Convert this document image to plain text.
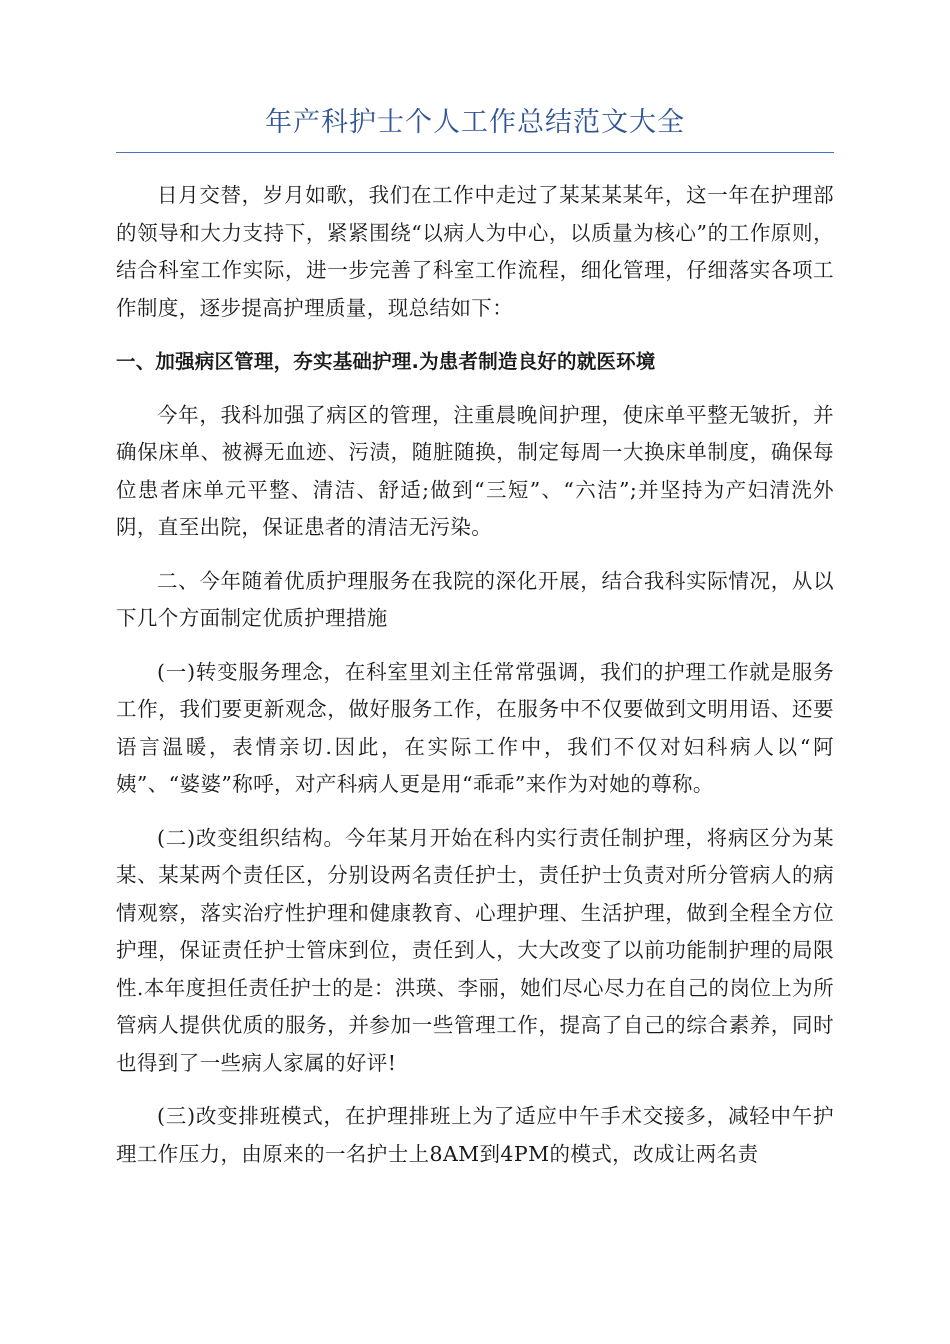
年产科护士个人工作总结范文大全

日月交替，岁月如歌，我们在工作中走过了某某某某年，这一年在护理部的领导和大力支持下，紧紧围绕“以病人为中心，以质量为核心”的工作原则，结合科室工作实际，进一步完善了科室工作流程，细化管理，仔细落实各项工作制度，逐步提高护理质量，现总结如下：

一、加强病区管理，夯实基础护理.为患者制造良好的就医环境

今年，我科加强了病区的管理，注重晨晚间护理，使床单平整无皱折，并确保床单、被褥无血迹、污渍，随脏随换，制定每周一大换床单制度，确保每位患者床单元平整、清洁、舒适;做到“三短”、“六洁”;并坚持为产妇清洗外阴，直至出院，保证患者的清洁无污染。

二、今年随着优质护理服务在我院的深化开展，结合我科实际情况，从以下几个方面制定优质护理措施

(一)转变服务理念，在科室里刘主任常常强调，我们的护理工作就是服务工作，我们要更新观念，做好服务工作，在服务中不仅要做到文明用语、还要语言温暖，表情亲切.因此，在实际工作中，我们不仅对妇科病人以“阿姨”、“婆婆”称呼，对产科病人更是用“乖乖”来作为对她的尊称。

(二)改变组织结构。今年某月开始在科内实行责任制护理，将病区分为某某、某某两个责任区，分别设两名责任护士，责任护士负责对所分管病人的病情观察，落实治疗性护理和健康教育、心理护理、生活护理，做到全程全方位护理，保证责任护士管床到位，责任到人，大大改变了以前功能制护理的局限性.本年度担任责任护士的是：洪瑛、李丽，她们尽心尽力在自己的岗位上为所管病人提供优质的服务，并参加一些管理工作，提高了自己的综合素养，同时也得到了一些病人家属的好评!

(三)改变排班模式，在护理排班上为了适应中午手术交接多，减轻中午护理工作压力，由原来的一名护士上8AM到4PM的模式，改成让两名责
